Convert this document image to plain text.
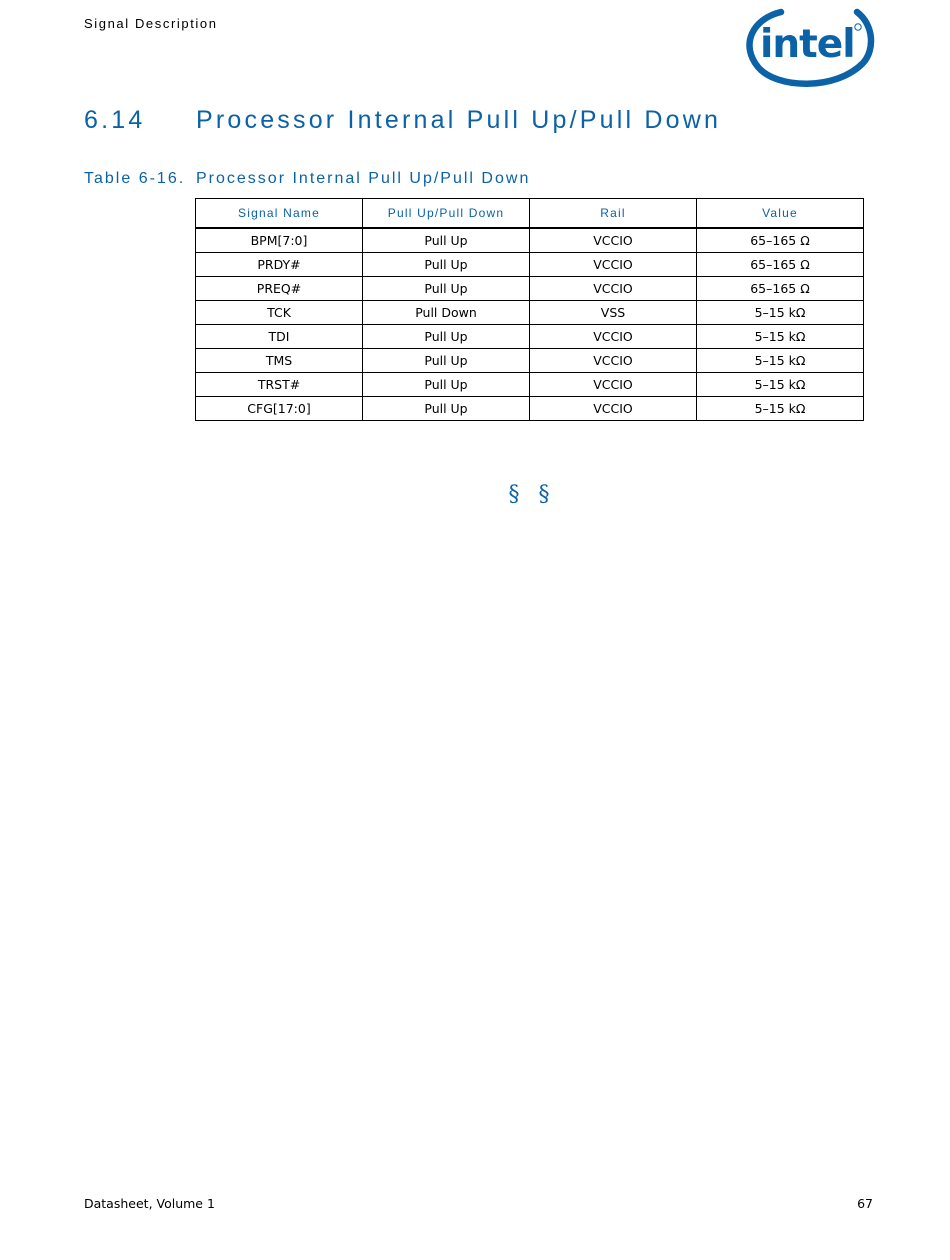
Signal Description	intel
6.14 Processor Internal Pull Up/Pull Down
Table 6-16. Processor Internal Pull Up/Pull Down
Signal Name	Pull Up/Pull Down	Rail	Value
BPM[7:0]	Pull Up	VCCIO	65–165 Ω
PRDY#	Pull Up	VCCIO	65–165 Ω
PREQ#	Pull Up	VCCIO	65–165 Ω
TCK	Pull Down	VSS	5–15 kΩ
TDI	Pull Up	VCCIO	5–15 kΩ
TMS	Pull Up	VCCIO	5–15 kΩ
TRST#	Pull Up	VCCIO	5–15 kΩ
CFG[17:0]	Pull Up	VCCIO	5–15 kΩ
§ §
Datasheet, Volume 1	67
